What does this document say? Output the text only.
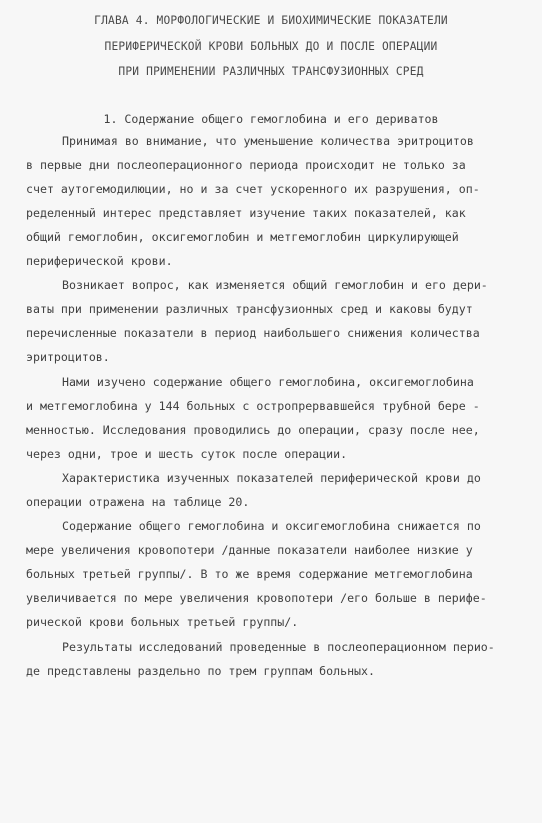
ГЛАВА 4. МОРФОЛОГИЧЕСКИЕ И БИОХИМИЧЕСКИЕ ПОКАЗАТЕЛИ
ПЕРИФЕРИЧЕСКОЙ КРОВИ БОЛЬНЫХ ДО И ПОСЛЕ ОПЕРАЦИИ
ПРИ ПРИМЕНЕНИИ РАЗЛИЧНЫХ ТРАНСФУЗИОННЫХ СРЕД
1. Содержание общего гемоглобина и его дериватов
Принимая во внимание, что уменьшение количества эритроцитов
в первые дни послеоперационного периода происходит не только за
счет аутогемодилюции, но и за счет ускоренного их разрушения, оп-
ределенный интерес представляет изучение таких показателей, как
общий гемоглобин, оксигемоглобин и метгемоглобин циркулирующей
периферической крови.
Возникает вопрос, как изменяется общий гемоглобин и его дери-
ваты при применении различных трансфузионных сред и каковы будут
перечисленные показатели в период наибольшего снижения количества
эритроцитов.
Нами изучено содержание общего гемоглобина, оксигемоглобина
и метгемоглобина у 144 больных с остропрервавшейся трубной бере -
менностью. Исследования проводились до операции, сразу после нее,
через одни, трое и шесть суток после операции.
Характеристика изученных показателей периферической крови до
операции отражена на таблице 20.
Содержание общего гемоглобина и оксигемоглобина снижается по
мере увеличения кровопотери /данные показатели наиболее низкие у
больных третьей группы/. В то же время содержание метгемоглобина
увеличивается по мере увеличения кровопотери /его больше в перифе-
рической крови больных третьей группы/.
Результаты исследований проведенные в послеоперационном перио-
де представлены раздельно по трем группам больных.
